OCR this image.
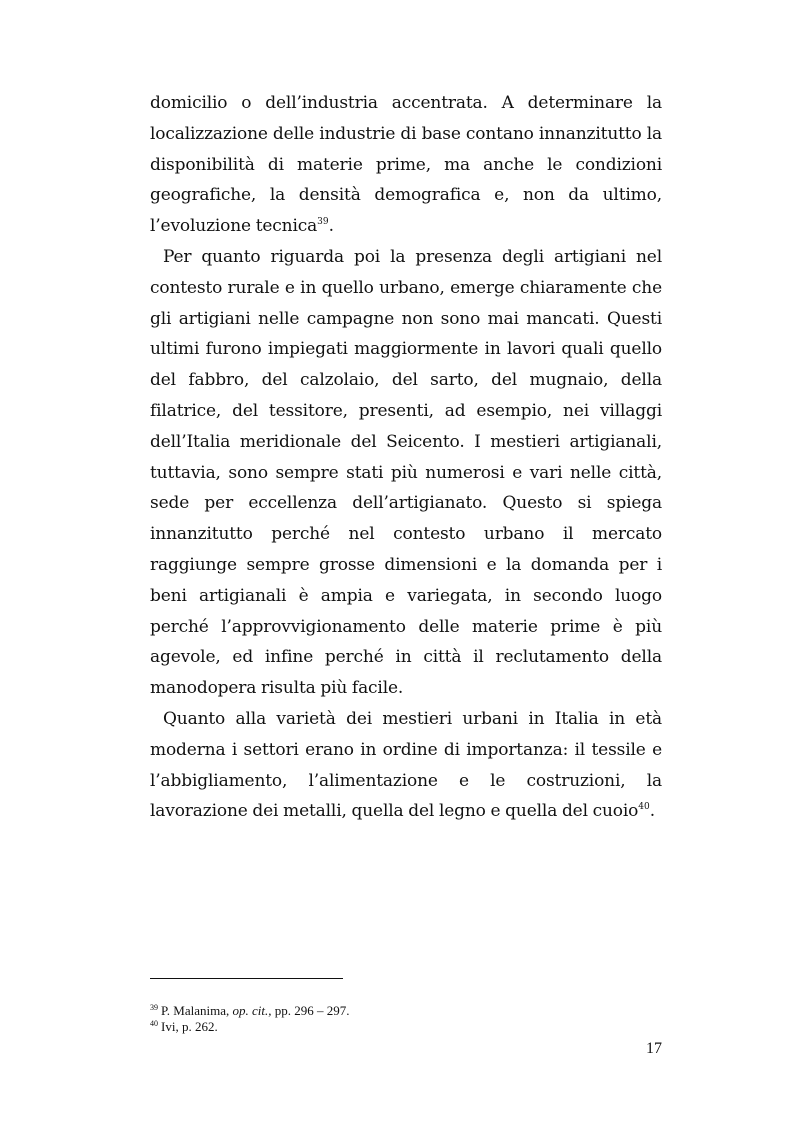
domicilio o dell’industria accentrata. A determinare la localizzazione delle industrie di base contano innanzitutto la disponibilità di materie prime, ma anche le condizioni geografiche, la densità demografica e, non da ultimo, l’evoluzione tecnica$^{39}$.

Per quanto riguarda poi la presenza degli artigiani nel contesto rurale e in quello urbano, emerge chiaramente che gli artigiani nelle campagne non sono mai mancati. Questi ultimi furono impiegati maggiormente in lavori quali quello del fabbro, del calzolaio, del sarto, del mugnaio, della filatrice, del tessitore, presenti, ad esempio, nei villaggi dell’Italia meridionale del Seicento. I mestieri artigianali, tuttavia, sono sempre stati più numerosi e vari nelle città, sede per eccellenza dell’artigianato. Questo si spiega innanzitutto perché nel contesto urbano il mercato raggiunge sempre grosse dimensioni e la domanda per i beni artigianali è ampia e variegata, in secondo luogo perché l’approvvigionamento delle materie prime è più agevole, ed infine perché in città il reclutamento della manodopera risulta più facile.

Quanto alla varietà dei mestieri urbani in Italia in età moderna i settori erano in ordine di importanza: il tessile e l’abbigliamento, l’alimentazione e le costruzioni, la lavorazione dei metalli, quella del legno e quella del cuoio$^{40}$.

$^{39}$ P. Malanima, op. cit., pp. 296 – 297.
$^{40}$ Ivi, p. 262.
17
